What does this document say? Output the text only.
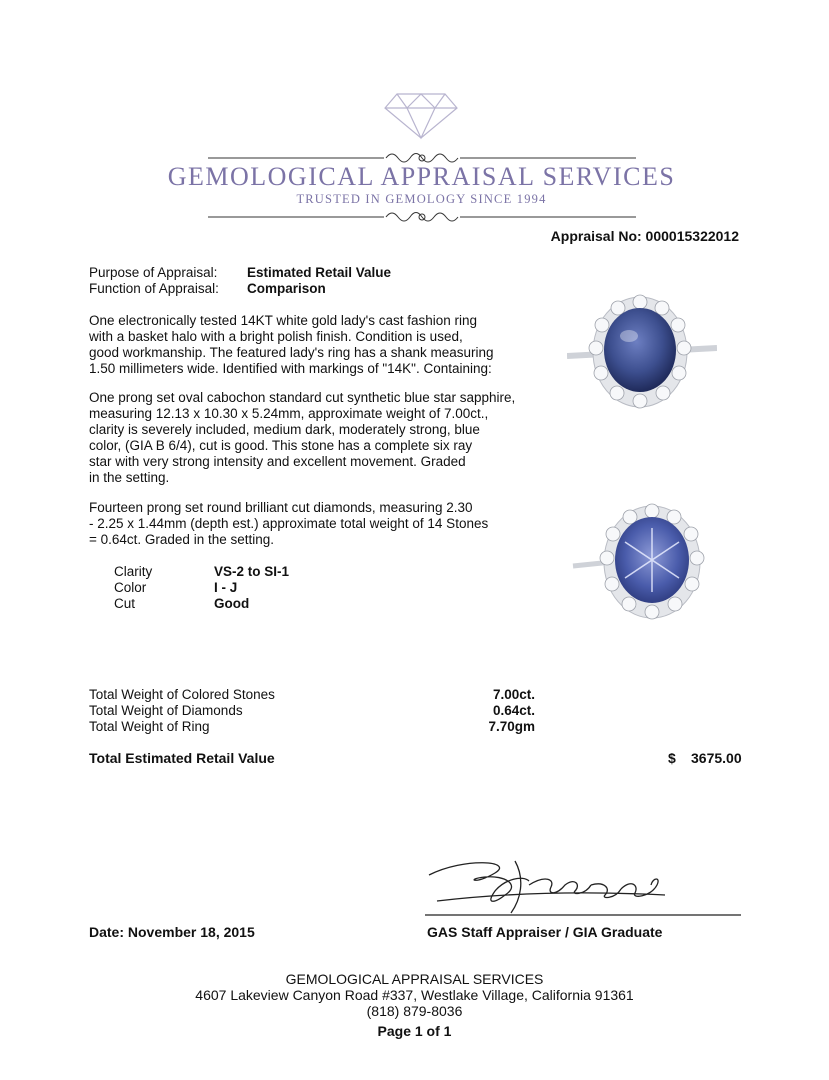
GEMOLOGICAL APPRAISAL SERVICES
TRUSTED IN GEMOLOGY SINCE 1994
Appraisal No: 000015322012
Purpose of Appraisal: Estimated Retail Value
Function of Appraisal: Comparison
One electronically tested 14KT white gold lady's cast fashion ring
with a basket halo with a bright polish finish. Condition is used,
good workmanship. The featured lady's ring has a shank measuring
1.50 millimeters wide. Identified with markings of "14K". Containing:
One prong set oval cabochon standard cut synthetic blue star sapphire,
measuring 12.13 x 10.30 x 5.24mm, approximate weight of 7.00ct.,
clarity is severely included, medium dark, moderately strong, blue
color, (GIA B 6/4), cut is good. This stone has a complete six ray
star with very strong intensity and excellent movement. Graded
in the setting.
Fourteen prong set round brilliant cut diamonds, measuring 2.30
- 2.25 x 1.44mm (depth est.) approximate total weight of 14 Stones
= 0.64ct. Graded in the setting.
Clarity	VS-2 to SI-1
Color	I - J
Cut	Good
Total Weight of Colored Stones	7.00ct.
Total Weight of Diamonds	0.64ct.
Total Weight of Ring	7.70gm
Total Estimated Retail Value	$ 3675.00
Date: November 18, 2015	GAS Staff Appraiser / GIA Graduate
GEMOLOGICAL APPRAISAL SERVICES
4607 Lakeview Canyon Road #337, Westlake Village, California 91361
(818) 879-8036
Page 1 of 1
